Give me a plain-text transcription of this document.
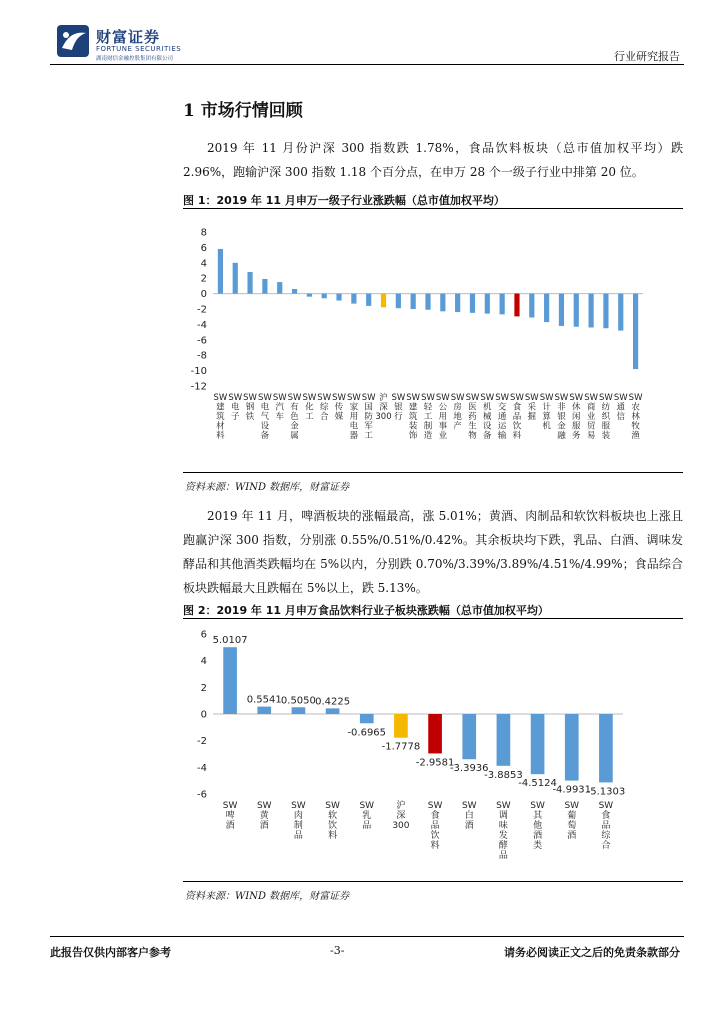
财富证券
FORTUNE SECURITIES
湖南财信金融控股集团有限公司	行业研究报告
1 市场行情回顾
2019 年 11 月份沪深 300 指数跌 1.78%，食品饮料板块（总市值加权平均）跌 2.96%，跑输沪深 300 指数 1.18 个百分点，在申万 28 个一级子行业中排第 20 位。
图 1：2019 年 11 月申万一级子行业涨跌幅（总市值加权平均）
8
6
4
2
0
-2
-4
-6
-8
-10
-12
SW 建筑材料
SW 电子
SW 钢铁
SW 电气设备
SW 汽车
SW 有色金属
SW 化工
SW 综合
SW 传媒
SW 家用电器
SW 国防军工
沪深 300
SW 银行
SW 建筑装饰
SW 轻工制造
SW 公用事业
SW 房地产
SW 医药生物
SW 机械设备
SW 交通运输
SW 食品饮料
SW 采掘
SW 计算机
SW 非银金融
SW 休闲服务
SW 商业贸易
SW 纺织服装
SW 通信
SW 农林牧渔
资料来源：WIND 数据库，财富证券
2019 年 11 月，啤酒板块的涨幅最高，涨 5.01%；黄酒、肉制品和软饮料板块也上涨且跑赢沪深 300 指数，分别涨 0.55%/0.51%/0.42%。其余板块均下跌，乳品、白酒、调味发酵品和其他酒类跌幅均在 5%以内，分别跌 0.70%/3.39%/3.89%/4.51%/4.99%；食品综合板块跌幅最大且跌幅在 5%以上，跌 5.13%。
图 2：2019 年 11 月申万食品饮料行业子板块涨跌幅（总市值加权平均）
6
4
2
0
-2
-4
-6
5.0107
SW 啤酒
0.5541
SW 黄酒
0.5050
SW 肉制品
0.4225
SW 软饮料
-0.6965
SW 乳品
-1.7778
沪深 300
-2.9581
SW 食品饮料
-3.3936
SW 白酒
-3.8853
SW 调味发酵品
-4.5124
SW 其他酒类
-4.9931
SW 葡萄酒
-5.1303
SW 食品综合
资料来源：WIND 数据库，财富证券
此报告仅供内部客户参考	-3-	请务必阅读正文之后的免责条款部分
